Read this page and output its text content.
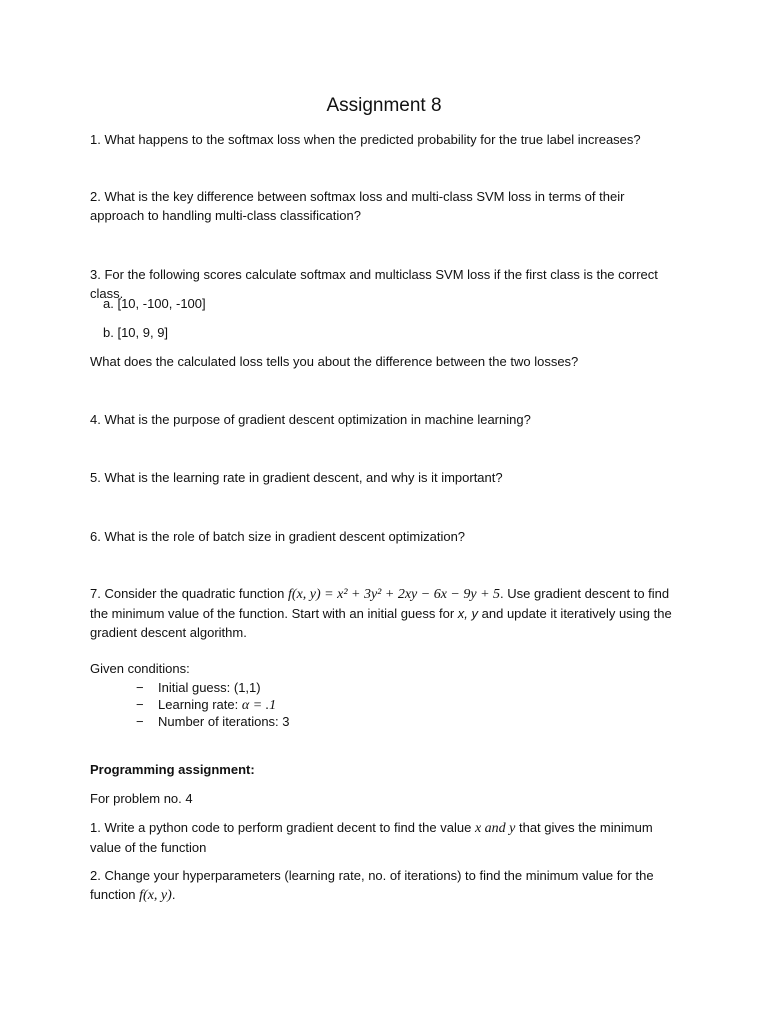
Assignment 8
1. What happens to the softmax loss when the predicted probability for the true label increases?
2. What is the key difference between softmax loss and multi-class SVM loss in terms of their approach to handling multi-class classification?
3. For the following scores calculate softmax and multiclass SVM loss if the first class is the correct class.
a. [10, -100, -100]
b. [10, 9, 9]
What does the calculated loss tells you about the difference between the two losses?
4. What is the purpose of gradient descent optimization in machine learning?
5. What is the learning rate in gradient descent, and why is it important?
6. What is the role of batch size in gradient descent optimization?
7. Consider the quadratic function f(x, y) = x² + 3y² + 2xy − 6x − 9y + 5. Use gradient descent to find the minimum value of the function. Start with an initial guess for x, y and update it iteratively using the gradient descent algorithm.
Given conditions:
− Initial guess: (1,1)
− Learning rate: α = .1
− Number of iterations: 3
Programming assignment:
For problem no. 4
1. Write a python code to perform gradient decent to find the value x and y that gives the minimum value of the function
2. Change your hyperparameters (learning rate, no. of iterations) to find the minimum value for the function f(x, y).
